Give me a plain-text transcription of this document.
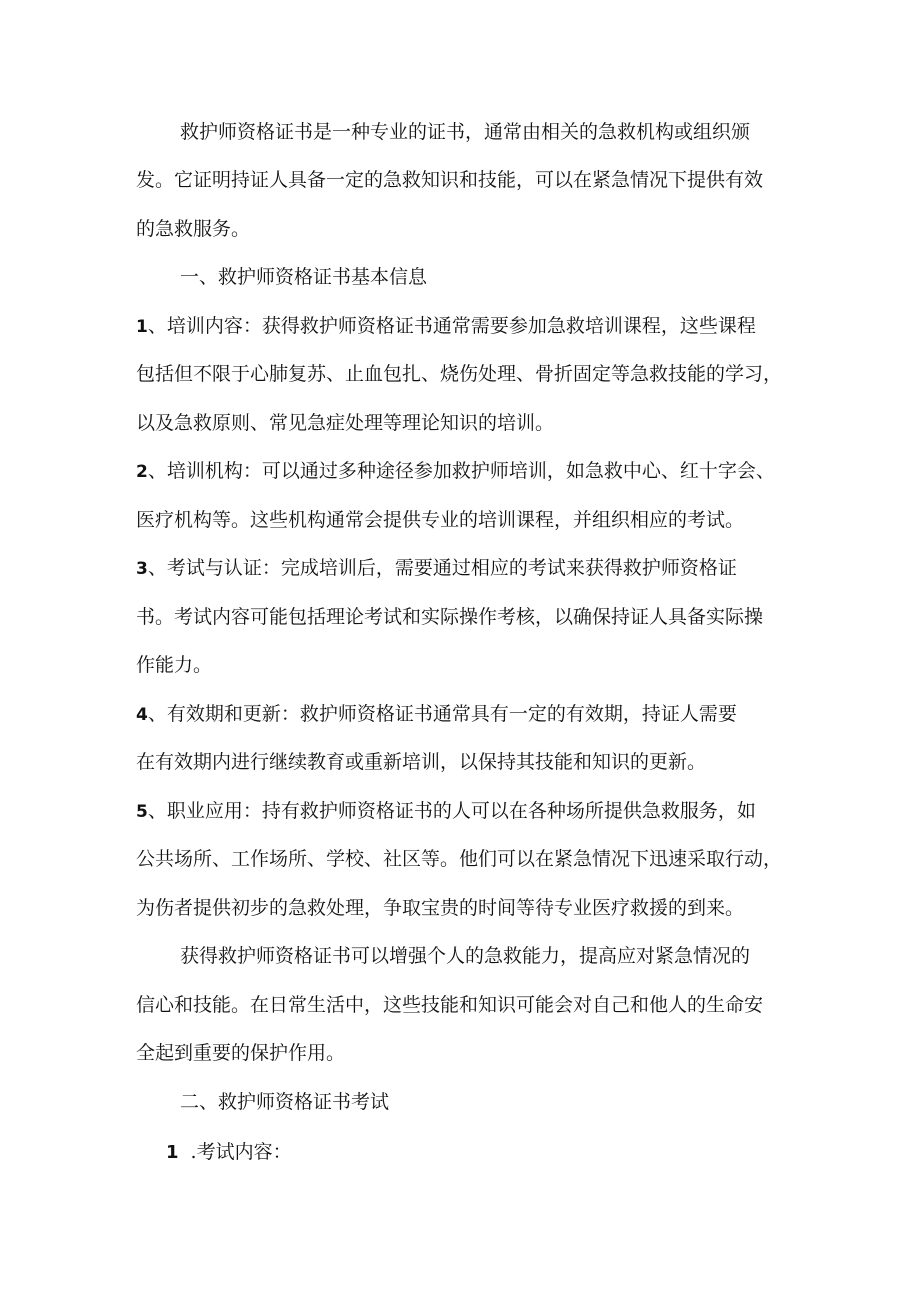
救护师资格证书是一种专业的证书，通常由相关的急救机构或组织颁
发。它证明持证人具备一定的急救知识和技能，可以在紧急情况下提供有效
的急救服务。
一、救护师资格证书基本信息
1、培训内容：获得救护师资格证书通常需要参加急救培训课程，这些课程
包括但不限于心肺复苏、止血包扎、烧伤处理、骨折固定等急救技能的学习，
以及急救原则、常见急症处理等理论知识的培训。
2、培训机构：可以通过多种途径参加救护师培训，如急救中心、红十字会、
医疗机构等。这些机构通常会提供专业的培训课程，并组织相应的考试。
3、考试与认证：完成培训后，需要通过相应的考试来获得救护师资格证
书。考试内容可能包括理论考试和实际操作考核，以确保持证人具备实际操
作能力。
4、有效期和更新：救护师资格证书通常具有一定的有效期，持证人需要
在有效期内进行继续教育或重新培训，以保持其技能和知识的更新。
5、职业应用：持有救护师资格证书的人可以在各种场所提供急救服务，如
公共场所、工作场所、学校、社区等。他们可以在紧急情况下迅速采取行动，
为伤者提供初步的急救处理，争取宝贵的时间等待专业医疗救援的到来。
获得救护师资格证书可以增强个人的急救能力，提高应对紧急情况的
信心和技能。在日常生活中，这些技能和知识可能会对自己和他人的生命安
全起到重要的保护作用。
二、救护师资格证书考试
1 .考试内容：
